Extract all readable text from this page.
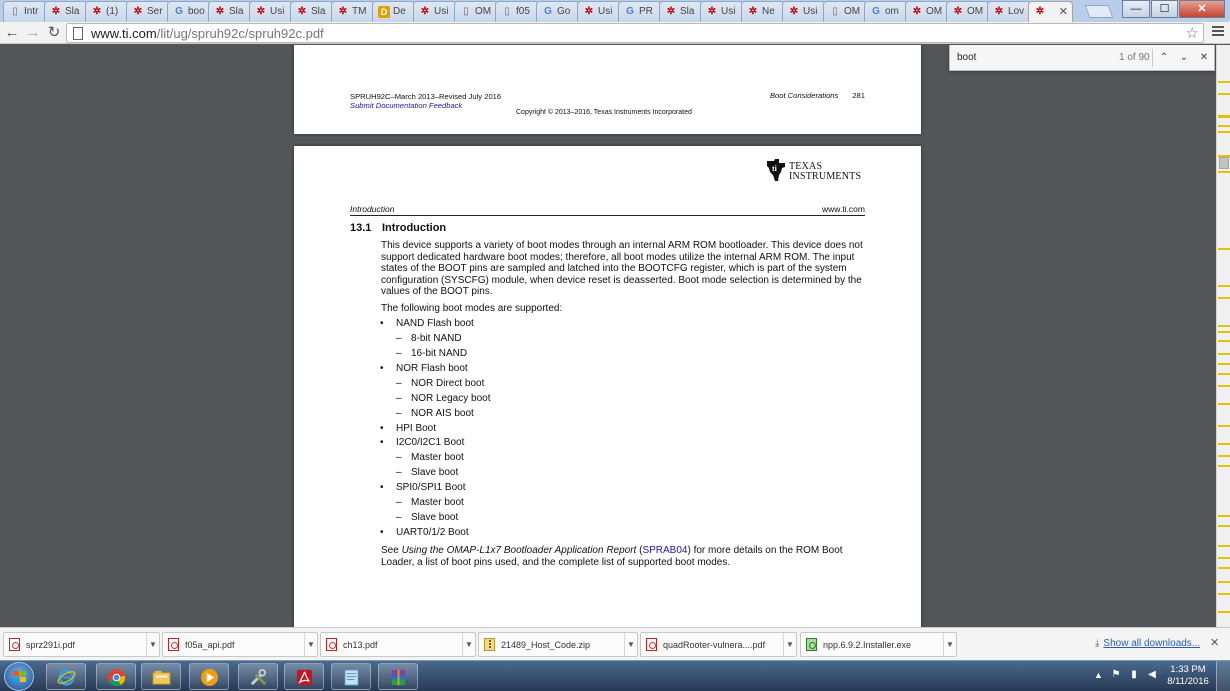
▯ Intr ✲ Sla ✲ (1) ✲ Ser G boo ✲ Sla ✲ Usi ✲ Sla ✲ TM	D De ✲ Usi	▯ OM	▯ f05 G Go ✲ Usi G PR ✲ Sla ✲ Usi ✲ Ne ✲ Usi	▯ OM G om ✲ OM ✲ OM ✲ Lov ✲ ✕	—	☐	✕
← → ↻ www.ti.com/lit/ug/spruh92c/spruh92c.pdf	☆
SPRUH92C–March 2013–Revised July 2016
Submit Documentation Feedback
Boot Considerations 281
Copyright © 2013–2016, Texas Instruments Incorporated
ti TEXAS
INSTRUMENTS
Introduction	www.ti.com
13.1 Introduction
This device supports a variety of boot modes through an internal ARM ROM bootloader. This device does not support dedicated hardware boot modes; therefore, all boot modes utilize the internal ARM ROM. The input states of the BOOT pins are sampled and latched into the BOOTCFG register, which is part of the system configuration (SYSCFG) module, when device reset is deasserted. Boot mode selection is determined by the values of the BOOT pins.
The following boot modes are supported:
• NAND Flash boot
– 8-bit NAND
– 16-bit NAND
• NOR Flash boot
– NOR Direct boot
– NOR Legacy boot
– NOR AIS boot
• HPI Boot
• I2C0/I2C1 Boot
– Master boot
– Slave boot
• SPI0/SPI1 Boot
– Master boot
– Slave boot
• UART0/1/2 Boot
See Using the OMAP-L1x7 Bootloader Application Report (SPRAB04) for more details on the ROM Boot Loader, a list of boot pins used, and the complete list of supported boot modes.
boot	1 of 90	⌃	⌄	✕
⤓ Show all downloads... ✕
sprz291i.pdf	▼	f05a_api.pdf	▼	ch13.pdf	▼	21489_Host_Code.zip	▼	quadRooter-vulnera....pdf	▼	npp.6.9.2.Installer.exe	▼
▲ ⚑	▮	◀	1:33 PM
8/11/2016
